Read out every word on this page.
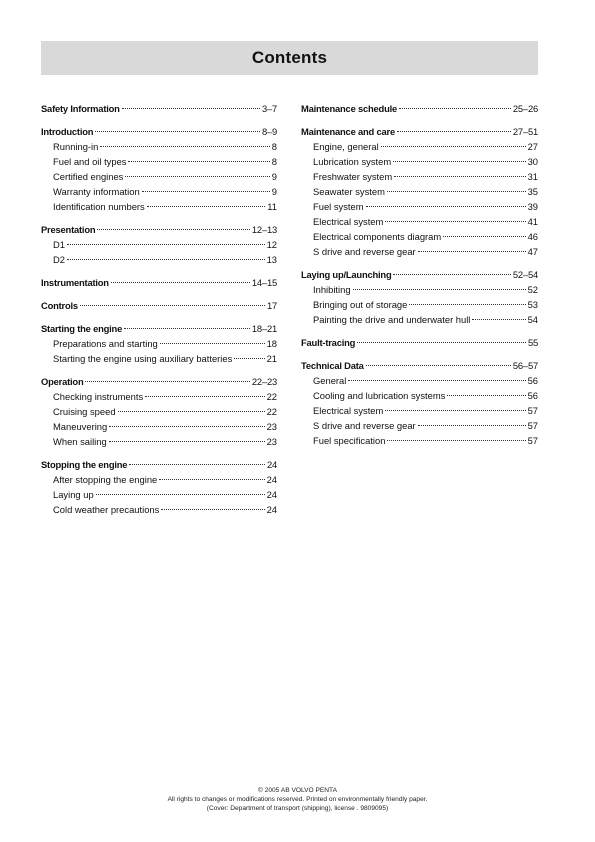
Contents
Safety Information	3–7
Introduction	8–9
Running-in	8
Fuel and oil types	8
Certified engines	9
Warranty information	9
Identification numbers	11
Presentation	12–13
D1	12
D2	13
Instrumentation	14–15
Controls	17
Starting the engine	18–21
Preparations and starting	18
Starting the engine using auxiliary batteries	21
Operation	22–23
Checking instruments	22
Cruising speed	22
Maneuvering	23
When sailing	23
Stopping the engine	24
After stopping the engine	24
Laying up	24
Cold weather precautions	24
Maintenance schedule	25–26
Maintenance and care	27–51
Engine, general	27
Lubrication system	30
Freshwater system	31
Seawater system	35
Fuel system	39
Electrical system	41
Electrical components diagram	46
S drive and reverse gear	47
Laying up/Launching	52–54
Inhibiting	52
Bringing out of storage	53
Painting the drive and underwater hull	54
Fault-tracing	55
Technical Data	56–57
General	56
Cooling and lubrication systems	56
Electrical system	57
S drive and reverse gear	57
Fuel specification	57
© 2005 AB VOLVO PENTA
All rights to changes or modifications reserved. Printed on environmentally friendly paper.
(Cover: Department of transport (shipping), license . 9809095)
